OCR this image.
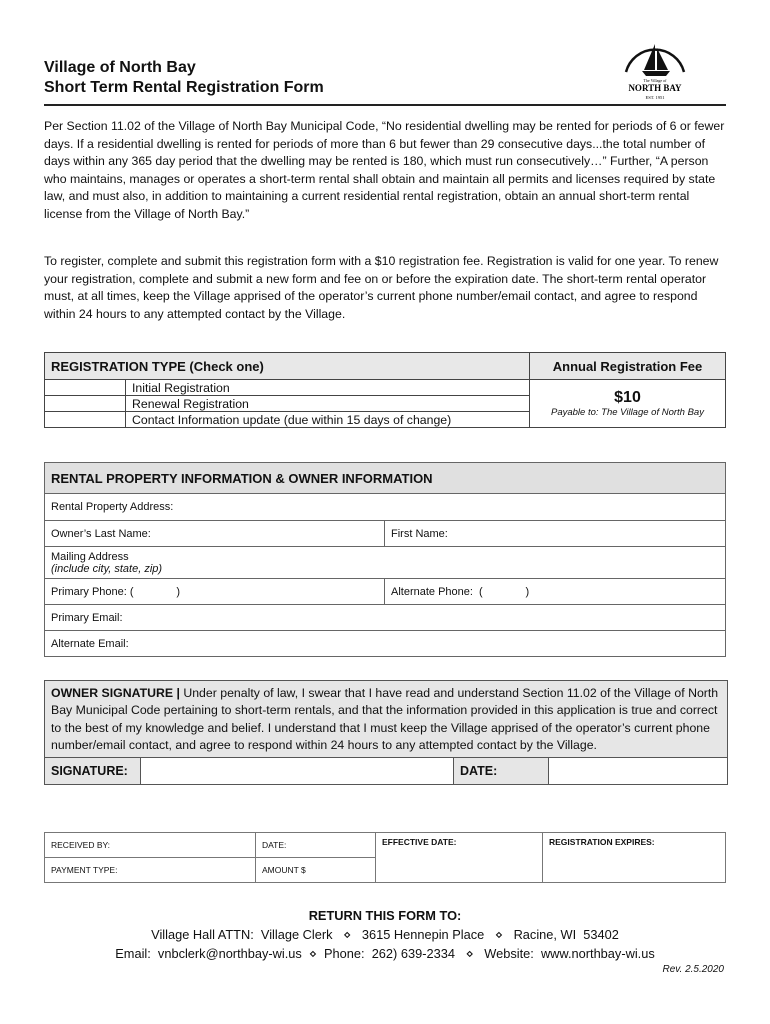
Village of North Bay
Short Term Rental Registration Form	The Village of
NORTH BAY
EST. 1951
Per Section 11.02 of the Village of North Bay Municipal Code, “No residential dwelling may be rented for periods of 6 or fewer days. If a residential dwelling is rented for periods of more than 6 but fewer than 29 consecutive days...the total number of days within any 365 day period that the dwelling may be rented is 180, which must run consecutively…” Further, “A person who maintains, manages or operates a short-term rental shall obtain and maintain all permits and licenses required by state law, and must also, in addition to maintaining a current residential rental registration, obtain an annual short-term rental license from the Village of North Bay.”
To register, complete and submit this registration form with a $10 registration fee. Registration is valid for one year. To renew your registration, complete and submit a new form and fee on or before the expiration date. The short-term rental operator must, at all times, keep the Village apprised of the operator’s current phone number/email contact, and agree to respond within 24 hours to any attempted contact by the Village.
REGISTRATION TYPE (Check one)		Annual Registration Fee
	Initial Registration	$10
Payable to: The Village of North Bay

	Renewal Registration	
	Contact Information update (due within 15 days of change)	
RENTAL PROPERTY INFORMATION & OWNER INFORMATION	
Rental Property Address:	
Owner’s Last Name:	First Name:

Mailing Address
(include city, state, zip)	

Primary Phone: (              )	Alternate Phone:  (              )
Primary Email:	
Alternate Email:	
OWNER SIGNATURE | Under penalty of law, I swear that I have read and understand Section 11.02 of the Village of North Bay Municipal Code pertaining to short-term rentals, and that the information provided in this application is true and correct to the best of my knowledge and belief. I understand that I must keep the Village apprised of the operator’s current phone number/email contact, and agree to respond within 24 hours to any attempted contact by the Village.
SIGNATURE:	DATE:
RECEIVED BY:	DATE:	EFFECTIVE DATE:	REGISTRATION EXPIRES:
PAYMENT TYPE:	AMOUNT $		
RETURN THIS FORM TO:
Village Hall ATTN:  Village Clerk   ⋄   3615 Hennepin Place   ⋄   Racine, WI  53402
Email:  vnbclerk@northbay-wi.us  ⋄  Phone:  262) 639-2334   ⋄   Website:  www.northbay-wi.us
Rev. 2.5.2020
